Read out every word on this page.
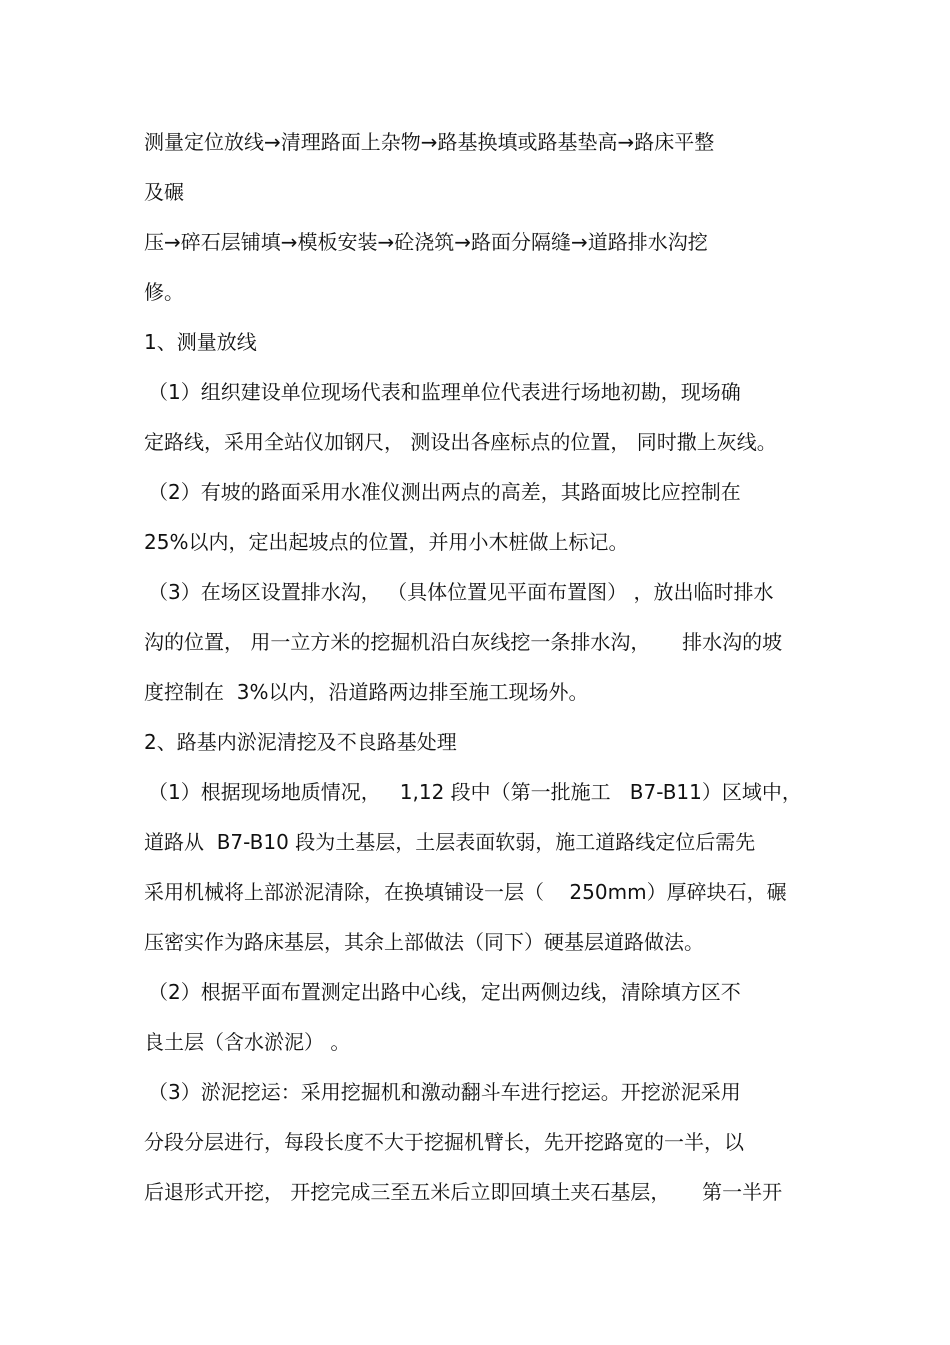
测量定位放线→清理路面上杂物→路基换填或路基垫高→路床平整
及碾
压→碎石层铺填→模板安装→砼浇筑→路面分隔缝→道路排水沟挖
修。
1、测量放线
（1）组织建设单位现场代表和监理单位代表进行场地初勘，现场确
定路线，采用全站仪加钢尺， 测设出各座标点的位置， 同时撒上灰线。
（2）有坡的路面采用水准仪测出两点的高差，其路面坡比应控制在
25%以内，定出起坡点的位置，并用小木桩做上标记。
（3）在场区设置排水沟， （具体位置见平面布置图） ，放出临时排水
沟的位置， 用一立方米的挖掘机沿白灰线挖一条排水沟，     排水沟的坡
度控制在  3%以内，沿道路两边排至施工现场外。
2、路基内淤泥清挖及不良路基处理
（1）根据现场地质情况，   1,12 段中（第一批施工   B7-B11）区域中，
道路从  B7-B10 段为土基层，土层表面软弱，施工道路线定位后需先
采用机械将上部淤泥清除，在换填铺设一层（    250mm）厚碎块石，碾
压密实作为路床基层，其余上部做法（同下）硬基层道路做法。
（2）根据平面布置测定出路中心线，定出两侧边线，清除填方区不
良土层（含水淤泥） 。
（3）淤泥挖运：采用挖掘机和激动翻斗车进行挖运。开挖淤泥采用
分段分层进行，每段长度不大于挖掘机臂长，先开挖路宽的一半，以
后退形式开挖， 开挖完成三至五米后立即回填土夹石基层，     第一半开
